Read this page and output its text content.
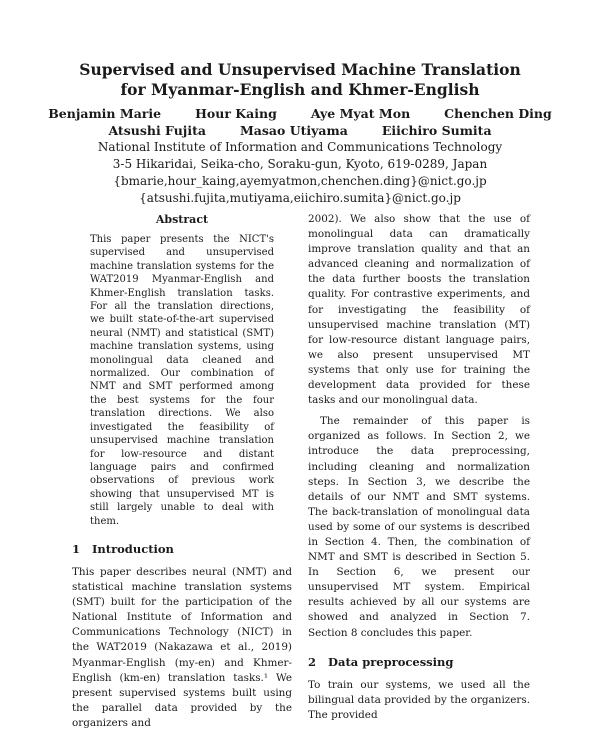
Supervised and Unsupervised Machine Translation
for Myanmar-English and Khmer-English
Benjamin Marie	Hour Kaing	Aye Myat Mon	Chenchen Ding
Atsushi Fujita	Masao Utiyama	Eiichiro Sumita
National Institute of Information and Communications Technology
3-5 Hikaridai, Seika-cho, Soraku-gun, Kyoto, 619-0289, Japan
{bmarie,hour_kaing,ayemyatmon,chenchen.ding}@nict.go.jp
{atsushi.fujita,mutiyama,eiichiro.sumita}@nict.go.jp
Abstract

This paper presents the NICT's supervised and unsupervised machine translation systems for the WAT2019 Myanmar-English and Khmer-English translation tasks. For all the translation directions, we built state-of-the-art supervised neural (NMT) and statistical (SMT) machine translation systems, using monolingual data cleaned and normalized. Our combination of NMT and SMT performed among the best systems for the four translation directions. We also investigated the feasibility of unsupervised machine translation for low-resource and distant language pairs and confirmed observations of previous work showing that unsupervised MT is still largely unable to deal with them.

1 Introduction

This paper describes neural (NMT) and statistical machine translation systems (SMT) built for the participation of the National Institute of Information and Communications Technology (NICT) in the WAT2019 (Nakazawa et al., 2019) Myanmar-English (my-en) and Khmer-English (km-en) translation tasks.¹ We present supervised systems built using the parallel data provided by the organizers and

2002). We also show that the use of monolingual data can dramatically improve translation quality and that an advanced cleaning and normalization of the data further boosts the translation quality. For contrastive experiments, and for investigating the feasibility of unsupervised machine translation (MT) for low-resource distant language pairs, we also present unsupervised MT systems that only use for training the development data provided for these tasks and our monolingual data.

The remainder of this paper is organized as follows. In Section 2, we introduce the data preprocessing, including cleaning and normalization steps. In Section 3, we describe the details of our NMT and SMT systems. The back-translation of monolingual data used by some of our systems is described in Section 4. Then, the combination of NMT and SMT is described in Section 5. In Section 6, we present our unsupervised MT system. Empirical results achieved by all our systems are showed and analyzed in Section 7. Section 8 concludes this paper.

2 Data preprocessing

To train our systems, we used all the bilingual data provided by the organizers. The provided
